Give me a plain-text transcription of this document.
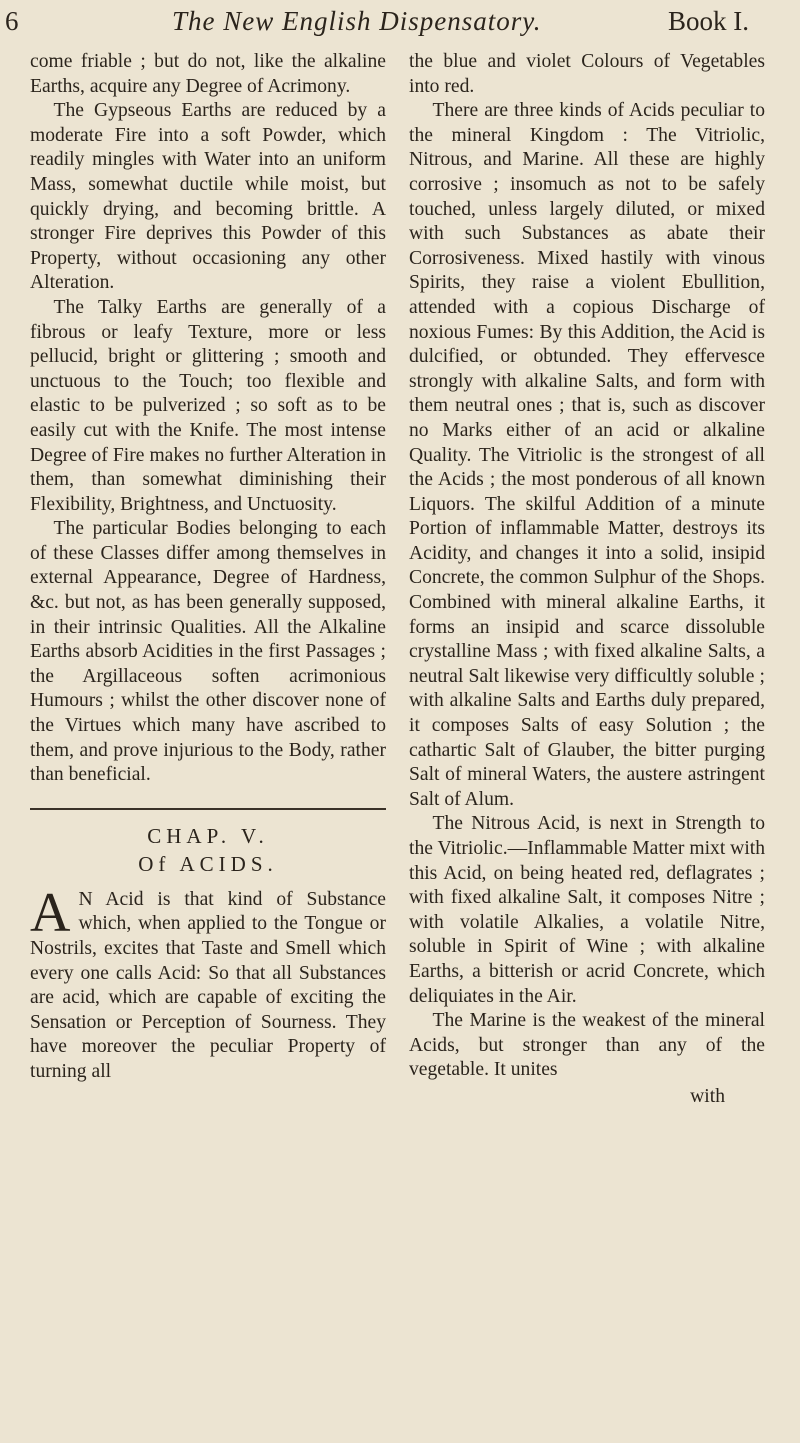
6	The New English Dispensatory.	Book I.

come friable ; but do not, like the alkaline Earths, acquire any Degree of Acrimony.

The Gypseous Earths are reduced by a moderate Fire into a soft Powder, which readily mingles with Water into an uniform Mass, somewhat ductile while moist, but quickly drying, and becoming brittle. A stronger Fire deprives this Powder of this Property, without occasioning any other Alteration.

The Talky Earths are generally of a fibrous or leafy Texture, more or less pellucid, bright or glittering ; smooth and unctuous to the Touch; too flexible and elastic to be pulverized ; so soft as to be easily cut with the Knife. The most intense Degree of Fire makes no further Alteration in them, than somewhat diminishing their Flexibility, Brightness, and Unctuosity.

The particular Bodies belonging to each of these Classes differ among themselves in external Appearance, Degree of Hardness, &c. but not, as has been generally supposed, in their intrinsic Qualities. All the Alkaline Earths absorb Acidities in the first Passages ; the Argillaceous soften acrimonious Humours ; whilst the other discover none of the Virtues which many have ascribed to them, and prove injurious to the Body, rather than beneficial.

CHAP. V.
Of ACIDS.

A N Acid is that kind of Substance which, when applied to the Tongue or Nostrils, excites that Taste and Smell which every one calls Acid: So that all Substances are acid, which are capable of exciting the Sensation or Perception of Sourness. They have moreover the peculiar Property of turning all

the blue and violet Colours of Vegetables into red.

There are three kinds of Acids peculiar to the mineral Kingdom : The Vitriolic, Nitrous, and Marine. All these are highly corrosive ; insomuch as not to be safely touched, unless largely diluted, or mixed with such Substances as abate their Corrosiveness. Mixed hastily with vinous Spirits, they raise a violent Ebullition, attended with a copious Discharge of noxious Fumes: By this Addition, the Acid is dulcified, or obtunded. They effervesce strongly with alkaline Salts, and form with them neutral ones ; that is, such as discover no Marks either of an acid or alkaline Quality. The Vitriolic is the strongest of all the Acids ; the most ponderous of all known Liquors. The skilful Addition of a minute Portion of inflammable Matter, destroys its Acidity, and changes it into a solid, insipid Concrete, the common Sulphur of the Shops. Combined with mineral alkaline Earths, it forms an insipid and scarce dissoluble crystalline Mass ; with fixed alkaline Salts, a neutral Salt likewise very difficultly soluble ; with alkaline Salts and Earths duly prepared, it composes Salts of easy Solution ; the cathartic Salt of Glauber, the bitter purging Salt of mineral Waters, the austere astringent Salt of Alum.

The Nitrous Acid, is next in Strength to the Vitriolic.—Inflammable Matter mixt with this Acid, on being heated red, deflagrates ; with fixed alkaline Salt, it composes Nitre ; with volatile Alkalies, a volatile Nitre, soluble in Spirit of Wine ; with alkaline Earths, a bitterish or acrid Concrete, which deliquiates in the Air.

The Marine is the weakest of the mineral Acids, but stronger than any of the vegetable. It unites

with
